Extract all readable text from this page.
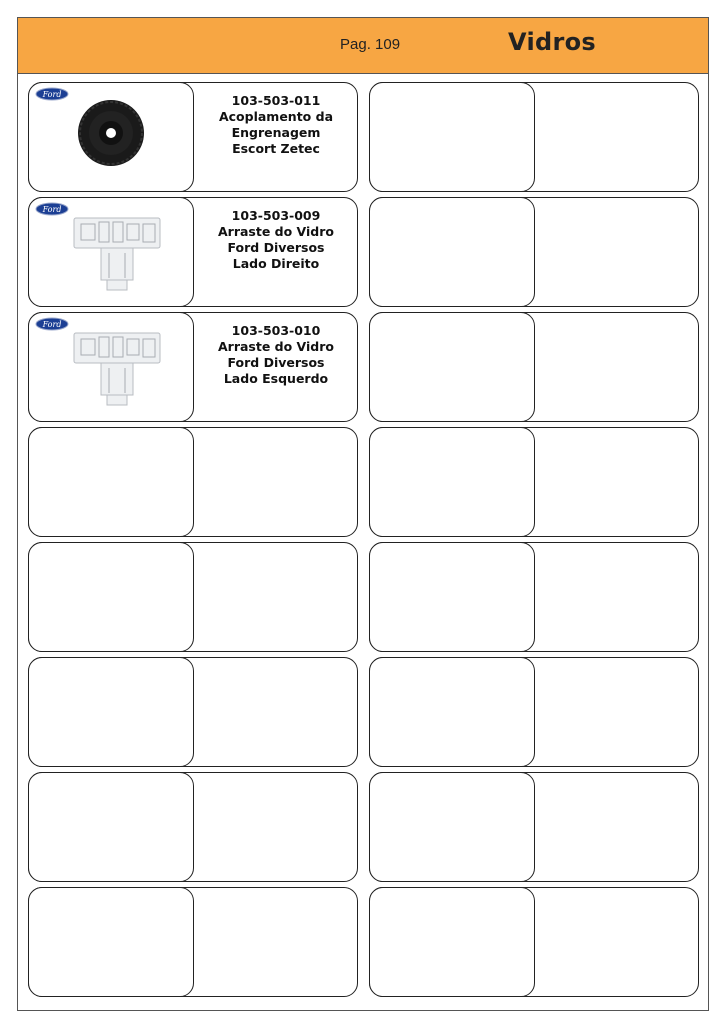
Pag. 109	Vidros
Ford	103-503-011
Acoplamento da
Engrenagem
Escort Zetec
Ford	103-503-009
Arraste do Vidro
Ford Diversos
Lado Direito
Ford	103-503-010
Arraste do Vidro
Ford Diversos
Lado Esquerdo
